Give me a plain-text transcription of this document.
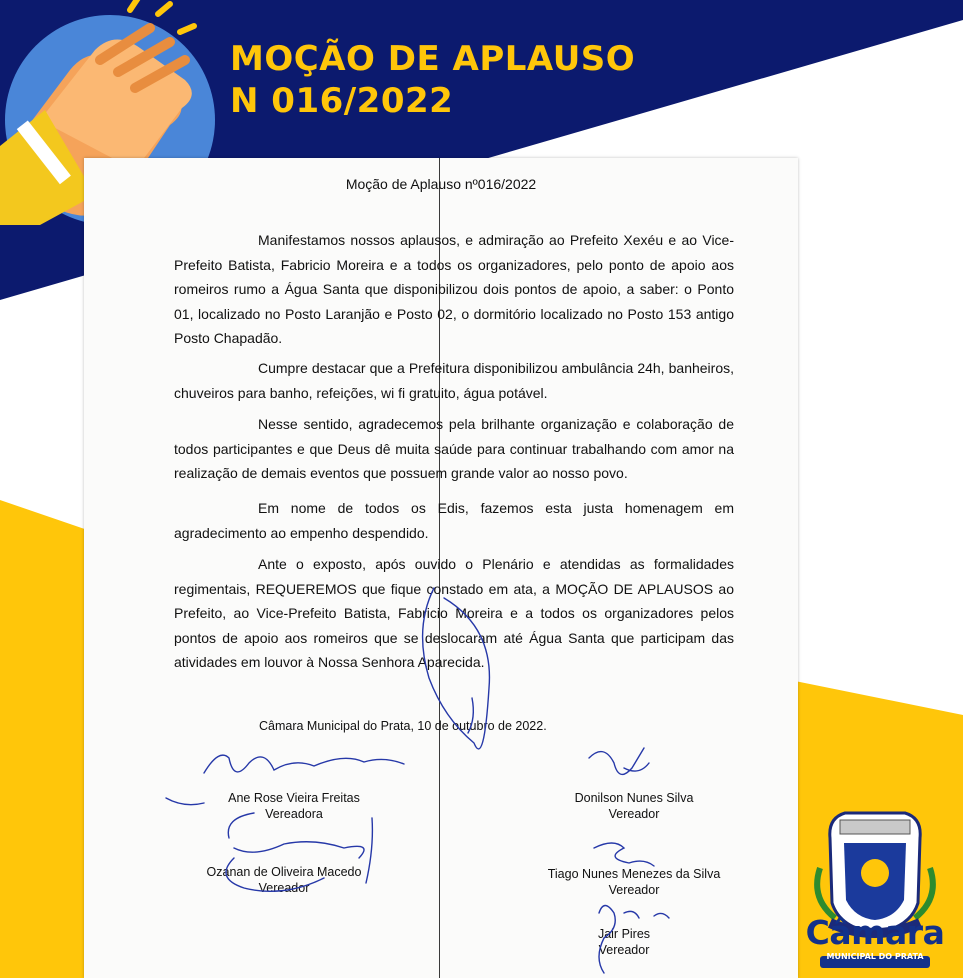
MOÇÃO DE APLAUSO
N 016/2022
Moção de Aplauso nº016/2022

Manifestamos nossos aplausos, e admiração ao Prefeito Xexéu e ao Vice-Prefeito Batista, Fabricio Moreira e a todos os organizadores, pelo ponto de apoio aos romeiros rumo a Água Santa que disponibilizou dois pontos de apoio, a saber: o Ponto 01, localizado no Posto Laranjão e Posto 02, o dormitório localizado no Posto 153 antigo Posto Chapadão.

Cumpre destacar que a Prefeitura disponibilizou ambulância 24h, banheiros, chuveiros para banho, refeições, wi fi gratuito, água potável.

Nesse sentido, agradecemos pela brilhante organização e colaboração de todos participantes e que Deus dê muita saúde para continuar trabalhando com amor na realização de demais eventos que possuem grande valor ao nosso povo.

Em nome de todos os Edis, fazemos esta justa homenagem em agradecimento ao empenho despendido.

Ante o exposto, após ouvido o Plenário e atendidas as formalidades regimentais, REQUEREMOS que fique constado em ata, a MOÇÃO DE APLAUSOS ao Prefeito, ao Vice-Prefeito Batista, Fabricio Moreira e a todos os organizadores pelos pontos de apoio aos romeiros que se deslocaram até Água Santa que participam das atividades em louvor à Nossa Senhora Aparecida.

Câmara Municipal do Prata, 10 de outubro de 2022.
Ane Rose Vieira Freitas
Vereadora
Donilson Nunes Silva
Vereador
Ozanan de Oliveira Macedo
Vereador
Tiago Nunes Menezes da Silva
Vereador
Jair Pires
Vereador	Câmara
MUNICIPAL DO PRATA
